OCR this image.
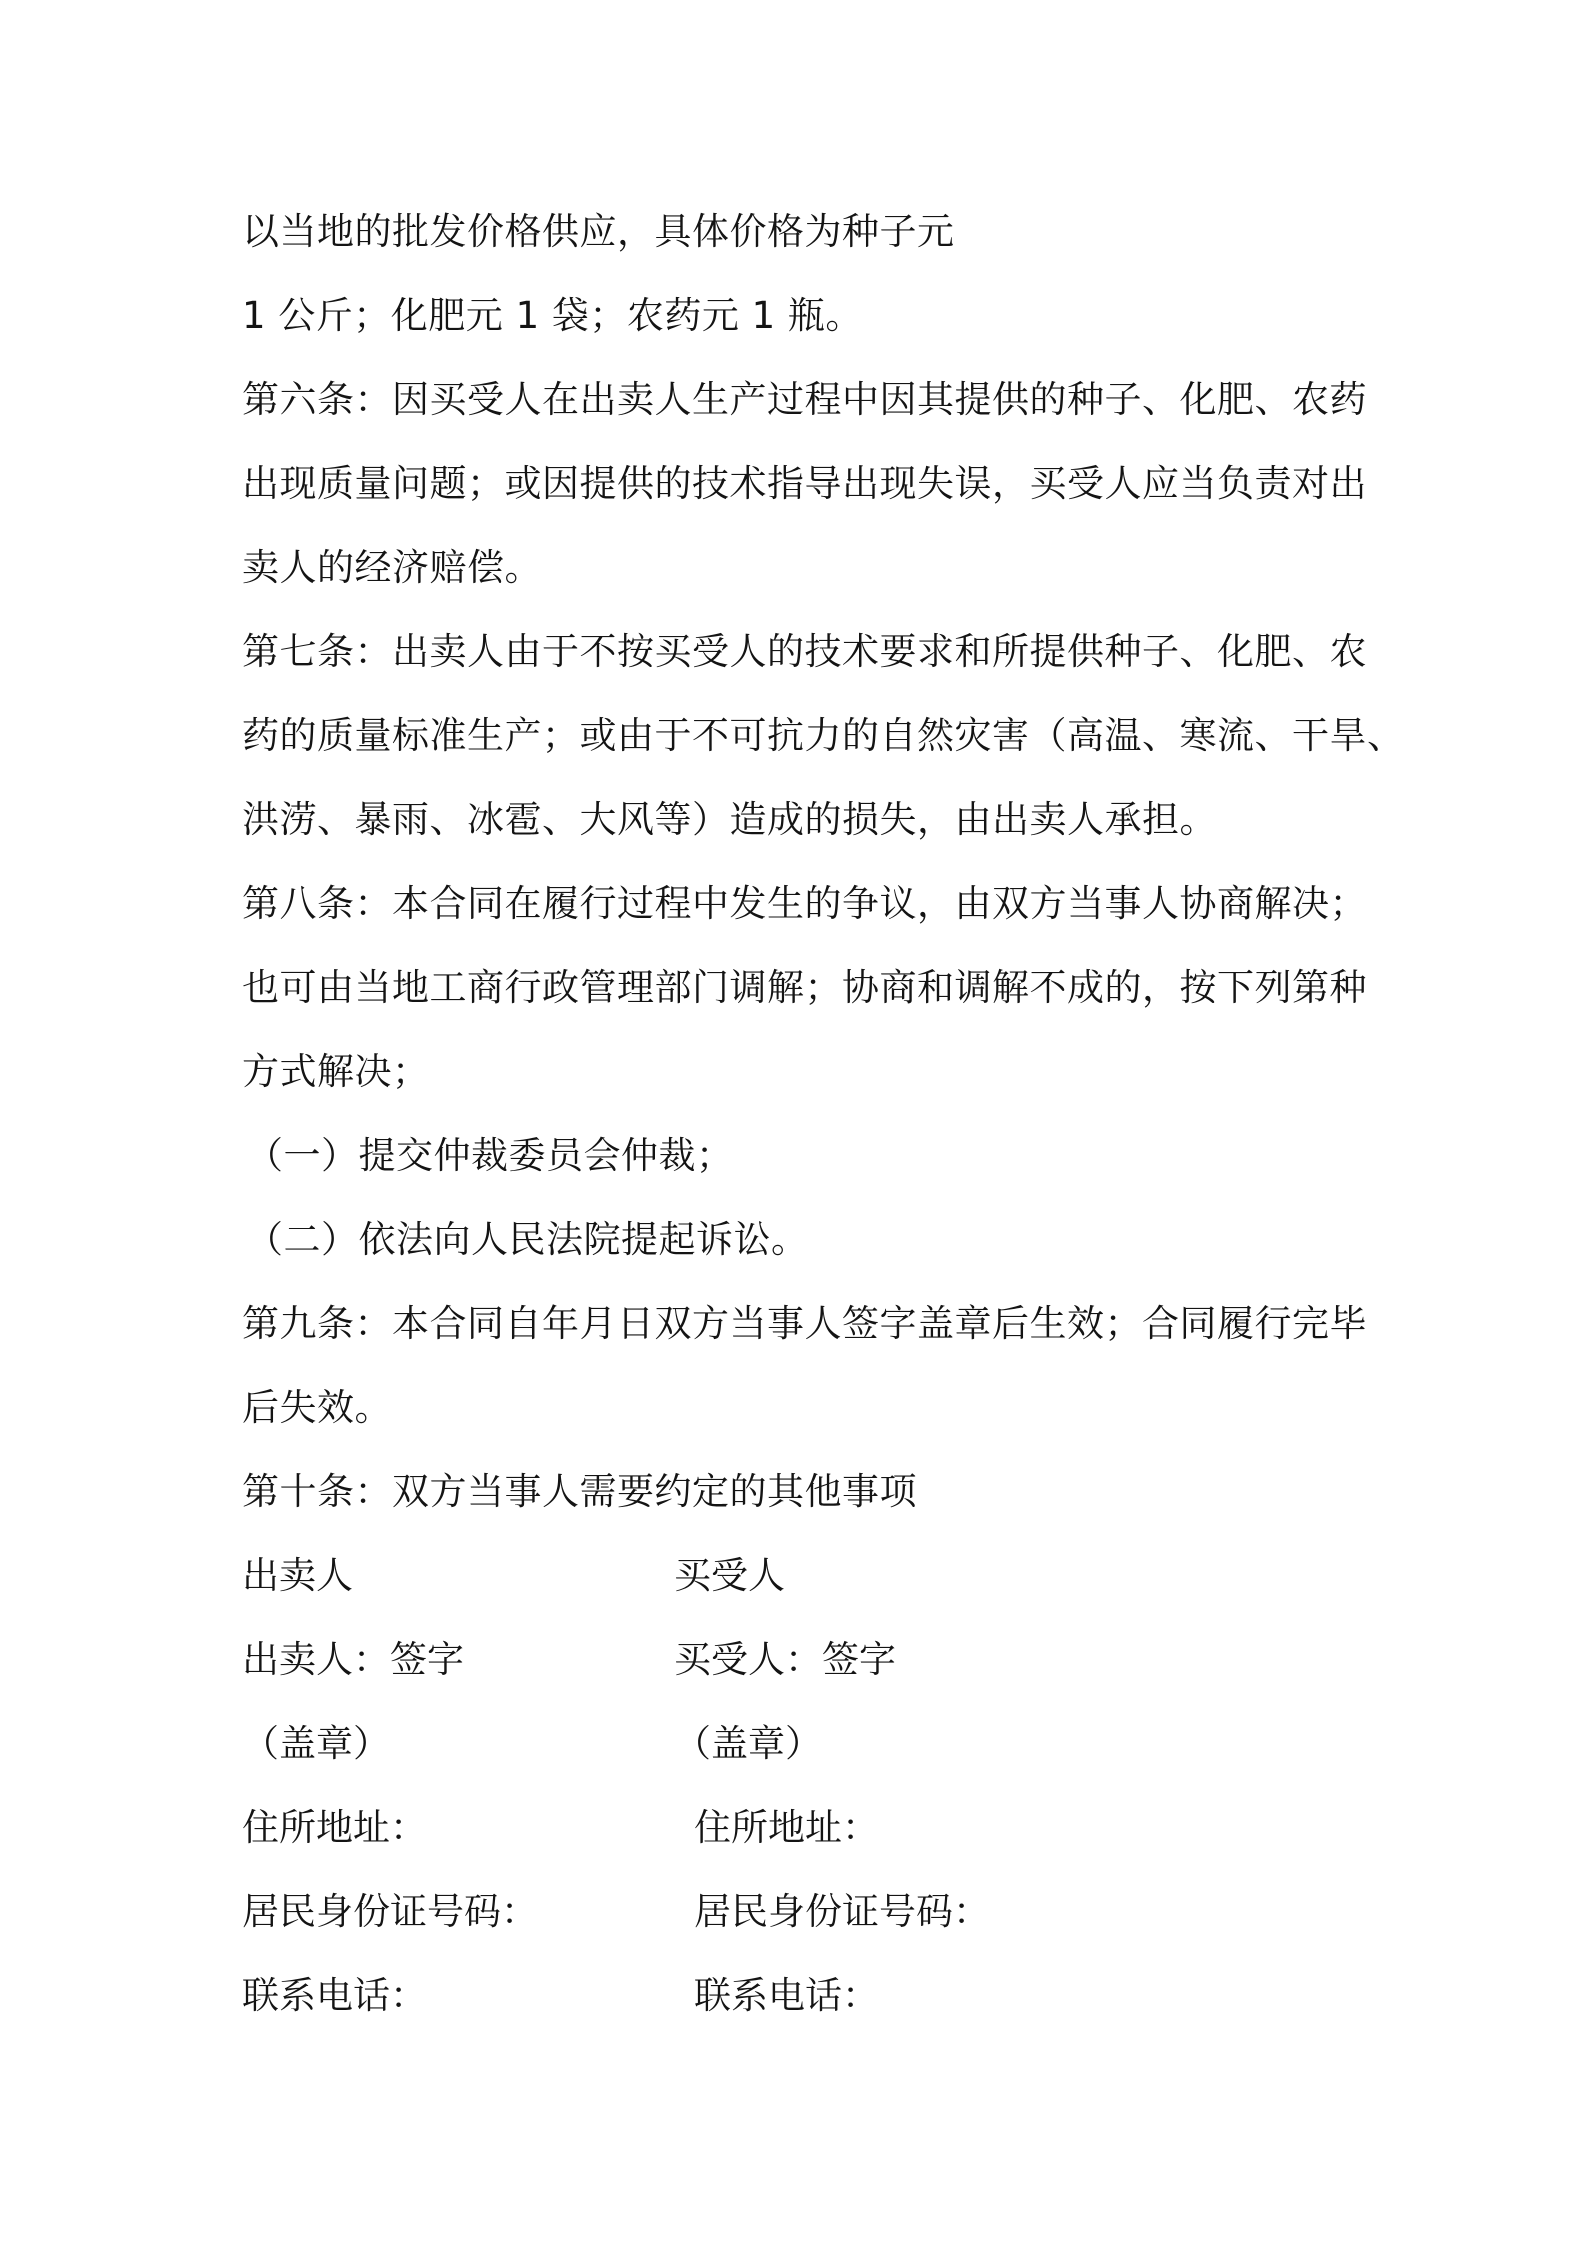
以当地的批发价格供应，具体价格为种子元
1 公斤；化肥元 1 袋；农药元 1 瓶。
第六条：因买受人在出卖人生产过程中因其提供的种子、化肥、农药
出现质量问题；或因提供的技术指导出现失误，买受人应当负责对出
卖人的经济赔偿。
第七条：出卖人由于不按买受人的技术要求和所提供种子、化肥、农
药的质量标准生产；或由于不可抗力的自然灾害（高温、寒流、干旱、
洪涝、暴雨、冰雹、大风等）造成的损失，由出卖人承担。
第八条：本合同在履行过程中发生的争议，由双方当事人协商解决；
也可由当地工商行政管理部门调解；协商和调解不成的，按下列第种
方式解决；
（一）提交仲裁委员会仲裁；
（二）依法向人民法院提起诉讼。
第九条：本合同自年月日双方当事人签字盖章后生效；合同履行完毕
后失效。
第十条：双方当事人需要约定的其他事项
出卖人	买受人
出卖人：签字	买受人：签字
（盖章）	（盖章）
住所地址：	住所地址：
居民身份证号码：	居民身份证号码：
联系电话：	联系电话：
